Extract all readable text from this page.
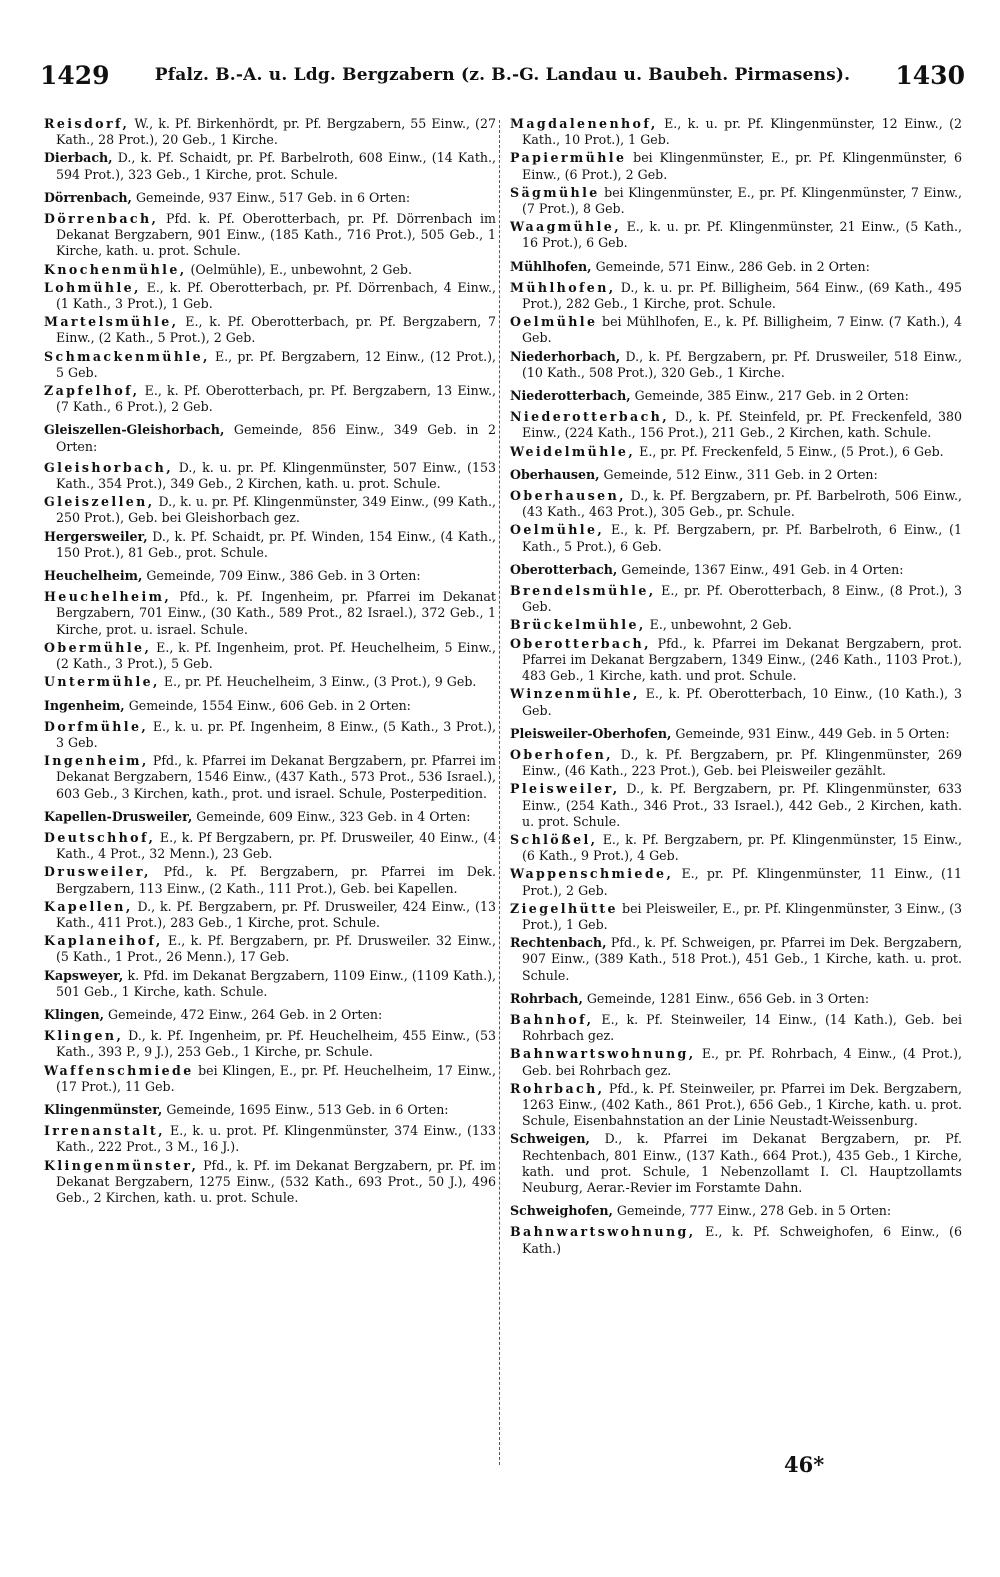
1429	Pfalz. B.-A. u. Ldg. Bergzabern (z. B.-G. Landau u. Baubeh. Pirmasens). 1430

Reisdorf, W., k. Pf. Birkenhördt, pr. Pf. Bergzabern, 55 Einw., (27 Kath., 28 Prot.), 20 Geb., 1 Kirche.

Dierbach, D., k. Pf. Schaidt, pr. Pf. Barbelroth, 608 Einw., (14 Kath., 594 Prot.), 323 Geb., 1 Kirche, prot. Schule.

Dörrenbach, Gemeinde, 937 Einw., 517 Geb. in 6 Orten:

Dörrenbach, Pfd. k. Pf. Oberotterbach, pr. Pf. Dörrenbach im Dekanat Bergzabern, 901 Einw., (185 Kath., 716 Prot.), 505 Geb., 1 Kirche, kath. u. prot. Schule.

Knochenmühle, (Oelmühle), E., unbewohnt, 2 Geb.

Lohmühle, E., k. Pf. Oberotterbach, pr. Pf. Dörrenbach, 4 Einw., (1 Kath., 3 Prot.), 1 Geb.

Martelsmühle, E., k. Pf. Oberotterbach, pr. Pf. Bergzabern, 7 Einw., (2 Kath., 5 Prot.), 2 Geb.

Schmackenmühle, E., pr. Pf. Bergzabern, 12 Einw., (12 Prot.), 5 Geb.

Zapfelhof, E., k. Pf. Oberotterbach, pr. Pf. Bergzabern, 13 Einw., (7 Kath., 6 Prot.), 2 Geb.

Gleiszellen-Gleishorbach, Gemeinde, 856 Einw., 349 Geb. in 2 Orten:

Gleishorbach, D., k. u. pr. Pf. Klingenmünster, 507 Einw., (153 Kath., 354 Prot.), 349 Geb., 2 Kirchen, kath. u. prot. Schule.

Gleiszellen, D., k. u. pr. Pf. Klingenmünster, 349 Einw., (99 Kath., 250 Prot.), Geb. bei Gleishorbach gez.

Hergersweiler, D., k. Pf. Schaidt, pr. Pf. Winden, 154 Einw., (4 Kath., 150 Prot.), 81 Geb., prot. Schule.

Heuchelheim, Gemeinde, 709 Einw., 386 Geb. in 3 Orten:

Heuchelheim, Pfd., k. Pf. Ingenheim, pr. Pfarrei im Dekanat Bergzabern, 701 Einw., (30 Kath., 589 Prot., 82 Israel.), 372 Geb., 1 Kirche, prot. u. israel. Schule.

Obermühle, E., k. Pf. Ingenheim, prot. Pf. Heuchelheim, 5 Einw., (2 Kath., 3 Prot.), 5 Geb.

Untermühle, E., pr. Pf. Heuchelheim, 3 Einw., (3 Prot.), 9 Geb.

Ingenheim, Gemeinde, 1554 Einw., 606 Geb. in 2 Orten:

Dorfmühle, E., k. u. pr. Pf. Ingenheim, 8 Einw., (5 Kath., 3 Prot.), 3 Geb.

Ingenheim, Pfd., k. Pfarrei im Dekanat Bergzabern, pr. Pfarrei im Dekanat Bergzabern, 1546 Einw., (437 Kath., 573 Prot., 536 Israel.), 603 Geb., 3 Kirchen, kath., prot. und israel. Schule, Posterpedition.

Kapellen-Drusweiler, Gemeinde, 609 Einw., 323 Geb. in 4 Orten:

Deutschhof, E., k. Pf Bergzabern, pr. Pf. Drusweiler, 40 Einw., (4 Kath., 4 Prot., 32 Menn.), 23 Geb.

Drusweiler, Pfd., k. Pf. Bergzabern, pr. Pfarrei im Dek. Bergzabern, 113 Einw., (2 Kath., 111 Prot.), Geb. bei Kapellen.

Kapellen, D., k. Pf. Bergzabern, pr. Pf. Drusweiler, 424 Einw., (13 Kath., 411 Prot.), 283 Geb., 1 Kirche, prot. Schule.

Kaplaneihof, E., k. Pf. Bergzabern, pr. Pf. Drusweiler. 32 Einw., (5 Kath., 1 Prot., 26 Menn.), 17 Geb.

Kapsweyer, k. Pfd. im Dekanat Bergzabern, 1109 Einw., (1109 Kath.), 501 Geb., 1 Kirche, kath. Schule.

Klingen, Gemeinde, 472 Einw., 264 Geb. in 2 Orten:

Klingen, D., k. Pf. Ingenheim, pr. Pf. Heuchelheim, 455 Einw., (53 Kath., 393 P., 9 J.), 253 Geb., 1 Kirche, pr. Schule.

Waffenschmiede bei Klingen, E., pr. Pf. Heuchelheim, 17 Einw., (17 Prot.), 11 Geb.

Klingenmünster, Gemeinde, 1695 Einw., 513 Geb. in 6 Orten:

Irrenanstalt, E., k. u. prot. Pf. Klingenmünster, 374 Einw., (133 Kath., 222 Prot., 3 M., 16 J.).

Klingenmünster, Pfd., k. Pf. im Dekanat Bergzabern, pr. Pf. im Dekanat Bergzabern, 1275 Einw., (532 Kath., 693 Prot., 50 J.), 496 Geb., 2 Kirchen, kath. u. prot. Schule.

Magdalenenhof, E., k. u. pr. Pf. Klingenmünster, 12 Einw., (2 Kath., 10 Prot.), 1 Geb.

Papiermühle bei Klingenmünster, E., pr. Pf. Klingenmünster, 6 Einw., (6 Prot.), 2 Geb.

Sägmühle bei Klingenmünster, E., pr. Pf. Klingenmünster, 7 Einw., (7 Prot.), 8 Geb.

Waagmühle, E., k. u. pr. Pf. Klingenmünster, 21 Einw., (5 Kath., 16 Prot.), 6 Geb.

Mühlhofen, Gemeinde, 571 Einw., 286 Geb. in 2 Orten:

Mühlhofen, D., k. u. pr. Pf. Billigheim, 564 Einw., (69 Kath., 495 Prot.), 282 Geb., 1 Kirche, prot. Schule.

Oelmühle bei Mühlhofen, E., k. Pf. Billigheim, 7 Einw. (7 Kath.), 4 Geb.

Niederhorbach, D., k. Pf. Bergzabern, pr. Pf. Drusweiler, 518 Einw., (10 Kath., 508 Prot.), 320 Geb., 1 Kirche.

Niederotterbach, Gemeinde, 385 Einw., 217 Geb. in 2 Orten:

Niederotterbach, D., k. Pf. Steinfeld, pr. Pf. Freckenfeld, 380 Einw., (224 Kath., 156 Prot.), 211 Geb., 2 Kirchen, kath. Schule.

Weidelmühle, E., pr. Pf. Freckenfeld, 5 Einw., (5 Prot.), 6 Geb.

Oberhausen, Gemeinde, 512 Einw., 311 Geb. in 2 Orten:

Oberhausen, D., k. Pf. Bergzabern, pr. Pf. Barbelroth, 506 Einw., (43 Kath., 463 Prot.), 305 Geb., pr. Schule.

Oelmühle, E., k. Pf. Bergzabern, pr. Pf. Barbelroth, 6 Einw., (1 Kath., 5 Prot.), 6 Geb.

Oberotterbach, Gemeinde, 1367 Einw., 491 Geb. in 4 Orten:

Brendelsmühle, E., pr. Pf. Oberotterbach, 8 Einw., (8 Prot.), 3 Geb.

Brückelmühle, E., unbewohnt, 2 Geb.

Oberotterbach, Pfd., k. Pfarrei im Dekanat Bergzabern, prot. Pfarrei im Dekanat Bergzabern, 1349 Einw., (246 Kath., 1103 Prot.), 483 Geb., 1 Kirche, kath. und prot. Schule.

Winzenmühle, E., k. Pf. Oberotterbach, 10 Einw., (10 Kath.), 3 Geb.

Pleisweiler-Oberhofen, Gemeinde, 931 Einw., 449 Geb. in 5 Orten:

Oberhofen, D., k. Pf. Bergzabern, pr. Pf. Klingenmünster, 269 Einw., (46 Kath., 223 Prot.), Geb. bei Pleisweiler gezählt.

Pleisweiler, D., k. Pf. Bergzabern, pr. Pf. Klingenmünster, 633 Einw., (254 Kath., 346 Prot., 33 Israel.), 442 Geb., 2 Kirchen, kath. u. prot. Schule.

Schlößel, E., k. Pf. Bergzabern, pr. Pf. Klingenmünster, 15 Einw., (6 Kath., 9 Prot.), 4 Geb.

Wappenschmiede, E., pr. Pf. Klingenmünster, 11 Einw., (11 Prot.), 2 Geb.

Ziegelhütte bei Pleisweiler, E., pr. Pf. Klingenmünster, 3 Einw., (3 Prot.), 1 Geb.

Rechtenbach, Pfd., k. Pf. Schweigen, pr. Pfarrei im Dek. Bergzabern, 907 Einw., (389 Kath., 518 Prot.), 451 Geb., 1 Kirche, kath. u. prot. Schule.

Rohrbach, Gemeinde, 1281 Einw., 656 Geb. in 3 Orten:

Bahnhof, E., k. Pf. Steinweiler, 14 Einw., (14 Kath.), Geb. bei Rohrbach gez.

Bahnwartswohnung, E., pr. Pf. Rohrbach, 4 Einw., (4 Prot.), Geb. bei Rohrbach gez.

Rohrbach, Pfd., k. Pf. Steinweiler, pr. Pfarrei im Dek. Bergzabern, 1263 Einw., (402 Kath., 861 Prot.), 656 Geb., 1 Kirche, kath. u. prot. Schule, Eisenbahnstation an der Linie Neustadt-Weissenburg.

Schweigen, D., k. Pfarrei im Dekanat Bergzabern, pr. Pf. Rechtenbach, 801 Einw., (137 Kath., 664 Prot.), 435 Geb., 1 Kirche, kath. und prot. Schule, 1 Nebenzollamt I. Cl. Hauptzollamts Neuburg, Aerar.-Revier im Forstamte Dahn.

Schweighofen, Gemeinde, 777 Einw., 278 Geb. in 5 Orten:

Bahnwartswohnung, E., k. Pf. Schweighofen, 6 Einw., (6 Kath.)

46*
